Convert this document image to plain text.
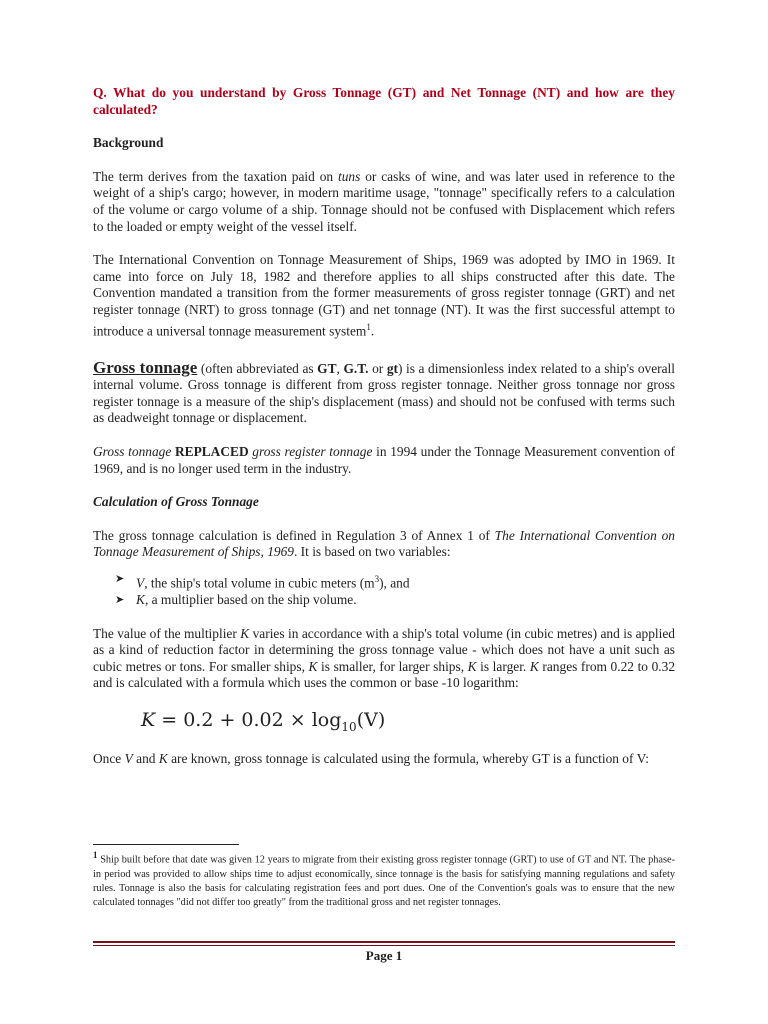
Q. What do you understand by Gross Tonnage (GT) and Net Tonnage (NT) and how are they calculated?

Background

The term derives from the taxation paid on tuns or casks of wine, and was later used in reference to the weight of a ship's cargo; however, in modern maritime usage, "tonnage" specifically refers to a calculation of the volume or cargo volume of a ship. Tonnage should not be confused with Displacement which refers to the loaded or empty weight of the vessel itself.

The International Convention on Tonnage Measurement of Ships, 1969 was adopted by IMO in 1969. It came into force on July 18, 1982 and therefore applies to all ships constructed after this date. The Convention mandated a transition from the former measurements of gross register tonnage (GRT) and net register tonnage (NRT) to gross tonnage (GT) and net tonnage (NT). It was the first successful attempt to introduce a universal tonnage measurement system$^1$.

Gross tonnage (often abbreviated as GT, G.T. or gt) is a dimensionless index related to a ship's overall internal volume. Gross tonnage is different from gross register tonnage. Neither gross tonnage nor gross register tonnage is a measure of the ship's displacement (mass) and should not be confused with terms such as deadweight tonnage or displacement.

Gross tonnage REPLACED gross register tonnage in 1994 under the Tonnage Measurement convention of 1969, and is no longer used term in the industry.

Calculation of Gross Tonnage

The gross tonnage calculation is defined in Regulation 3 of Annex 1 of The International Convention on Tonnage Measurement of Ships, 1969. It is based on two variables:

➤ V, the ship's total volume in cubic meters $(m^3)$, and
➤ K, a multiplier based on the ship volume.

The value of the multiplier K varies in accordance with a ship's total volume (in cubic metres) and is applied as a kind of reduction factor in determining the gross tonnage value - which does not have a unit such as cubic metres or tons. For smaller ships, K is smaller, for larger ships, K is larger. K ranges from 0.22 to 0.32 and is calculated with a formula which uses the common or base -10 logarithm:

$K = 0.2 + 0.02 \times \log_{10}(V)$

Once V and K are known, gross tonnage is calculated using the formula, whereby GT is a function of V:

$^1$ Ship built before that date was given 12 years to migrate from their existing gross register tonnage (GRT) to use of GT and NT. The phase-in period was provided to allow ships time to adjust economically, since tonnage is the basis for satisfying manning regulations and safety rules. Tonnage is also the basis for calculating registration fees and port dues. One of the Convention's goals was to ensure that the new calculated tonnages "did not differ too greatly" from the traditional gross and net register tonnages.

Page 1
